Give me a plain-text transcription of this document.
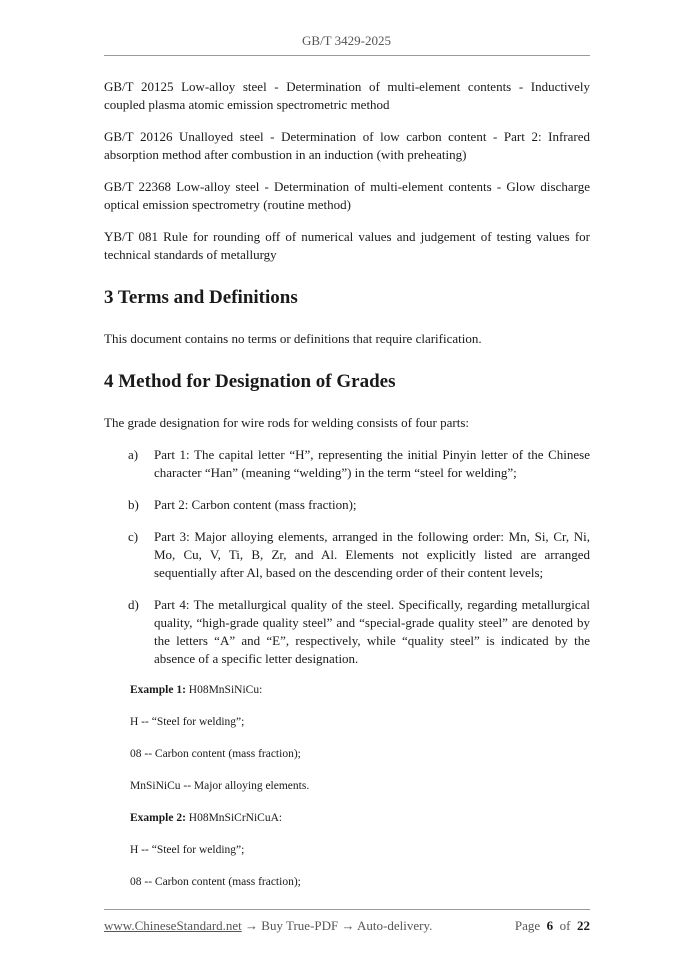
GB/T 3429-2025

GB/T 20125 Low-alloy steel - Determination of multi-element contents - Inductively coupled plasma atomic emission spectrometric method

GB/T 20126 Unalloyed steel - Determination of low carbon content - Part 2: Infrared absorption method after combustion in an induction (with preheating)

GB/T 22368 Low-alloy steel - Determination of multi-element contents - Glow discharge optical emission spectrometry (routine method)

YB/T 081 Rule for rounding off of numerical values and judgement of testing values for technical standards of metallurgy

3 Terms and Definitions

This document contains no terms or definitions that require clarification.

4 Method for Designation of Grades

The grade designation for wire rods for welding consists of four parts:

a)	Part 1: The capital letter “H”, representing the initial Pinyin letter of the Chinese character “Han” (meaning “welding”) in the term “steel for welding”;
b)	Part 2: Carbon content (mass fraction);
c)	Part 3: Major alloying elements, arranged in the following order: Mn, Si, Cr, Ni, Mo, Cu, V, Ti, B, Zr, and Al. Elements not explicitly listed are arranged sequentially after Al, based on the descending order of their content levels;
d)	Part 4: The metallurgical quality of the steel. Specifically, regarding metallurgical quality, “high-grade quality steel” and “special-grade quality steel” are denoted by the letters “A” and “E”, respectively, while “quality steel” is indicated by the absence of a specific letter designation.

Example 1: H08MnSiNiCu:

H -- “Steel for welding”;

08 -- Carbon content (mass fraction);

MnSiNiCu -- Major alloying elements.

Example 2: H08MnSiCrNiCuA:

H -- “Steel for welding”;

08 -- Carbon content (mass fraction);

www.ChineseStandard.net → Buy True-PDF → Auto-delivery.	Page 6 of 22
